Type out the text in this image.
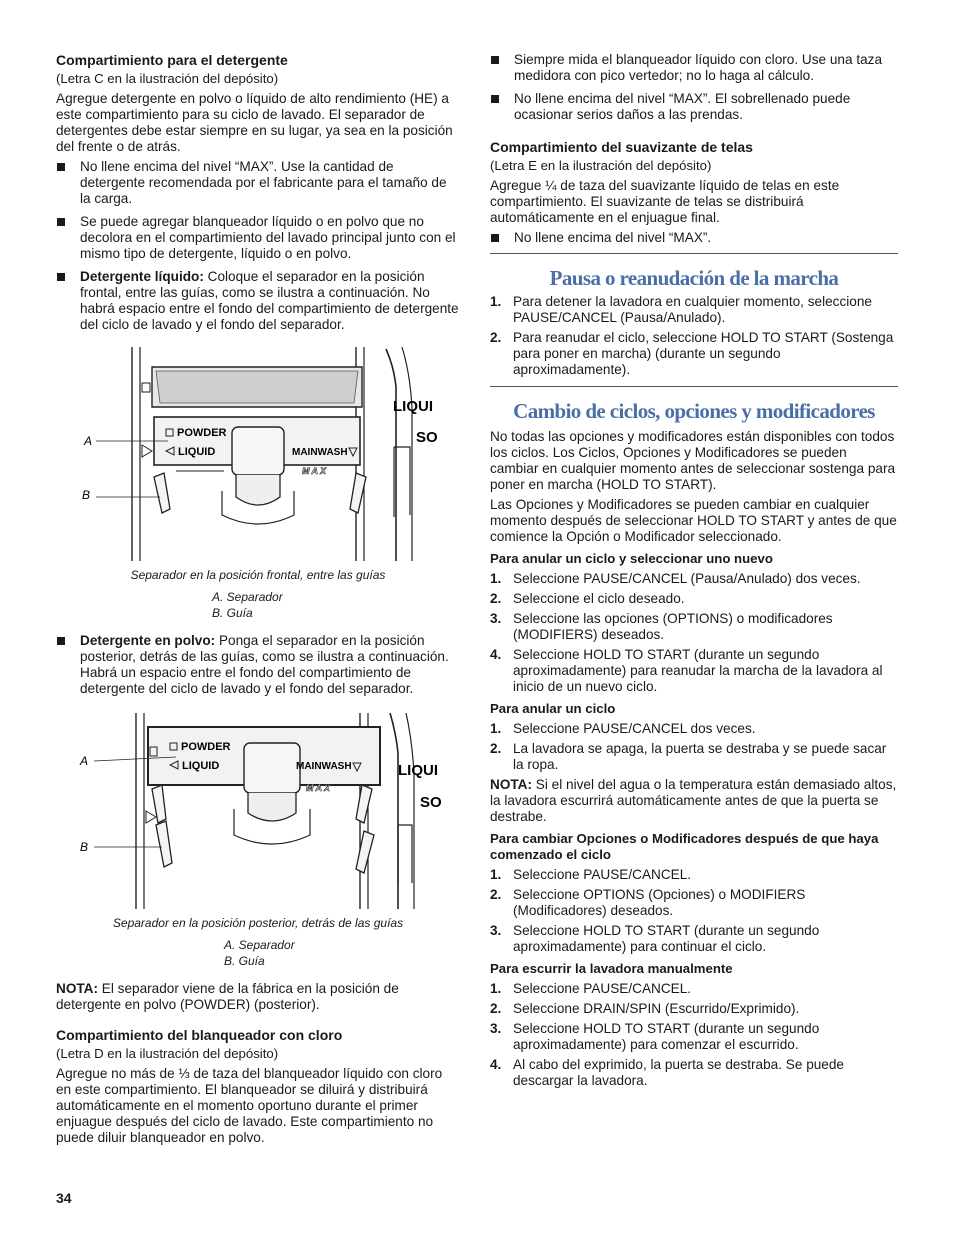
Compartimiento para el detergente
(Letra C en la ilustración del depósito)

Agregue detergente en polvo o líquido de alto rendimiento (HE) a este compartimiento para su ciclo de lavado. El separador de detergentes debe estar siempre en su lugar, ya sea en la posición del frente o de atrás.

No llene encima del nivel “MAX”. Use la cantidad de detergente recomendada por el fabricante para el tamaño de la carga.
Se puede agregar blanqueador líquido o en polvo que no decolora en el compartimiento del lavado principal junto con el mismo tipo de detergente, líquido o en polvo.
Detergente líquido: Coloque el separador en la posición frontal, entre las guías, como se ilustra a continuación. No habrá espacio entre el fondo del compartimiento de detergente del ciclo de lavado y el fondo del separador.
LIQUI
SO
POWDER
LIQUID	MAINWASH
MAX
A
B
Separador en la posición frontal, entre las guías
A. Separador
B. Guía
Detergente en polvo: Ponga el separador en la posición posterior, detrás de las guías, como se ilustra a continuación. Habrá un espacio entre el fondo del compartimiento de detergente del ciclo de lavado y el fondo del separador.
LIQUI
SO
POWDER
LIQUID	MAINWASH
MAX
A
B
Separador en la posición posterior, detrás de las guías
A. Separador
B. Guía

NOTA: El separador viene de la fábrica en la posición de detergente en polvo (POWDER) (posterior).

Compartimiento del blanqueador con cloro
(Letra D en la ilustración del depósito)

Agregue no más de ⅓ de taza del blanqueador líquido con cloro en este compartimiento. El blanqueador se diluirá y distribuirá automáticamente en el momento oportuno durante el primer enjuague después del ciclo de lavado. Este compartimiento no puede diluir blanqueador en polvo.

Siempre mida el blanqueador líquido con cloro. Use una taza medidora con pico vertedor; no lo haga al cálculo.
No llene encima del nivel “MAX”. El sobrellenado puede ocasionar serios daños a las prendas.
Compartimiento del suavizante de telas
(Letra E en la ilustración del depósito)

Agregue ¼ de taza del suavizante líquido de telas en este compartimiento. El suavizante de telas se distribuirá automáticamente en el enjuague final.

No llene encima del nivel “MAX”.
Pausa o reanudación de la marcha
1. Para detener la lavadora en cualquier momento, seleccione PAUSE/CANCEL (Pausa/Anulado).
2. Para reanudar el ciclo, seleccione HOLD TO START (Sostenga para poner en marcha) (durante un segundo aproximadamente).
Cambio de ciclos, opciones y modificadores

No todas las opciones y modificadores están disponibles con todos los ciclos. Los Ciclos, Opciones y Modificadores se pueden cambiar en cualquier momento antes de seleccionar sostenga para poner en marcha (HOLD TO START).

Las Opciones y Modificadores se pueden cambiar en cualquier momento después de seleccionar HOLD TO START y antes de que comience la Opción o Modificador seleccionado.

Para anular un ciclo y seleccionar uno nuevo
1. Seleccione PAUSE/CANCEL (Pausa/Anulado) dos veces.
2. Seleccione el ciclo deseado.
3. Seleccione las opciones (OPTIONS) o modificadores (MODIFIERS) deseados.
4. Seleccione HOLD TO START (durante un segundo aproximadamente) para reanudar la marcha de la lavadora al inicio de un nuevo ciclo.
Para anular un ciclo
1. Seleccione PAUSE/CANCEL dos veces.
2. La lavadora se apaga, la puerta se destraba y se puede sacar la ropa.

NOTA: Si el nivel del agua o la temperatura están demasiado altos, la lavadora escurrirá automáticamente antes de que la puerta se destrabe.

Para cambiar Opciones o Modificadores después de que haya comenzado el ciclo
1. Seleccione PAUSE/CANCEL.
2. Seleccione OPTIONS (Opciones) o MODIFIERS (Modificadores) deseados.
3. Seleccione HOLD TO START (durante un segundo aproximadamente) para continuar el ciclo.
Para escurrir la lavadora manualmente
1. Seleccione PAUSE/CANCEL.
2. Seleccione DRAIN/SPIN (Escurrido/Exprimido).
3. Seleccione HOLD TO START (durante un segundo aproximadamente) para comenzar el escurrido.
4. Al cabo del exprimido, la puerta se destraba. Se puede descargar la lavadora.
34
